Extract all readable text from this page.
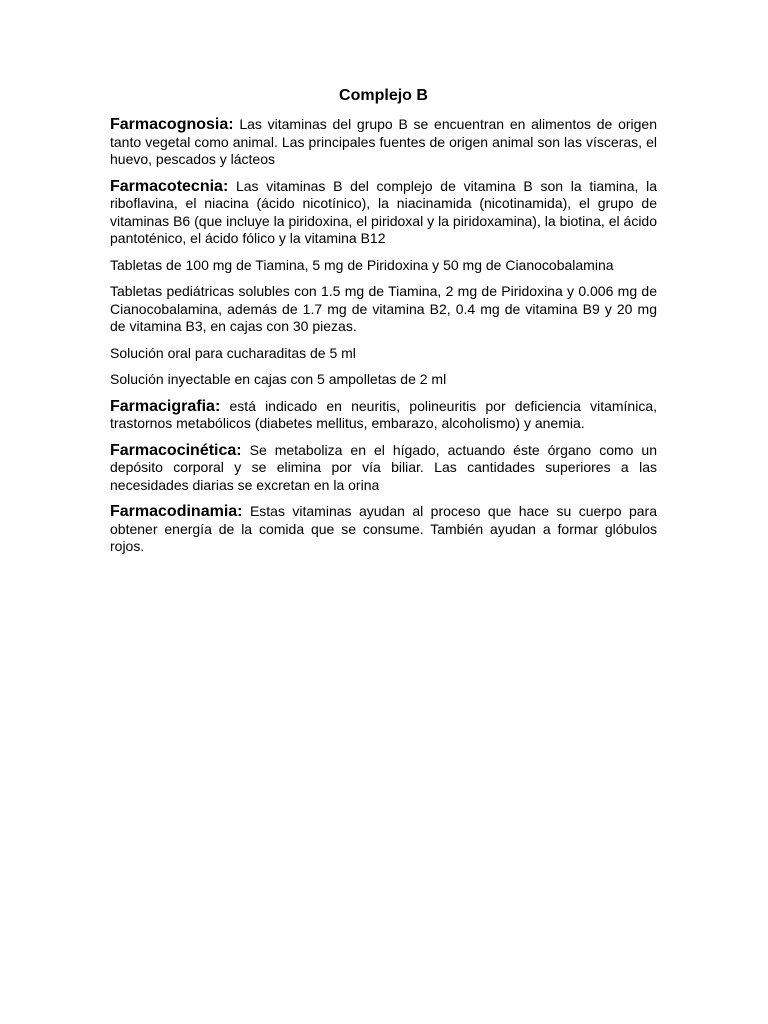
Complejo B

Farmacognosia: Las vitaminas del grupo B se encuentran en alimentos de origen tanto vegetal como animal. Las principales fuentes de origen animal son las vísceras, el huevo, pescados y lácteos

Farmacotecnia: Las vitaminas B del complejo de vitamina B son la tiamina, la riboflavina, el niacina (ácido nicotínico), la niacinamida (nicotinamida), el grupo de vitaminas B6 (que incluye la piridoxina, el piridoxal y la piridoxamina), la biotina, el ácido pantoténico, el ácido fólico y la vitamina B12

Tabletas de 100 mg de Tiamina, 5 mg de Piridoxina y 50 mg de Cianocobalamina

Tabletas pediátricas solubles con 1.5 mg de Tiamina, 2 mg de Piridoxina y 0.006 mg de Cianocobalamina, además de 1.7 mg de vitamina B2, 0.4 mg de vitamina B9 y 20 mg de vitamina B3, en cajas con 30 piezas.

Solución oral para cucharaditas de 5 ml

Solución inyectable en cajas con 5 ampolletas de 2 ml

Farmacigrafia: está indicado en neuritis, polineuritis por deficiencia vitamínica, trastornos metabólicos (diabetes mellitus, embarazo, alcoholismo) y anemia.

Farmacocinética: Se metaboliza en el hígado, actuando éste órgano como un depósito corporal y se elimina por vía biliar. Las cantidades superiores a las necesidades diarias se excretan en la orina

Farmacodinamia: Estas vitaminas ayudan al proceso que hace su cuerpo para obtener energía de la comida que se consume. También ayudan a formar glóbulos rojos.
